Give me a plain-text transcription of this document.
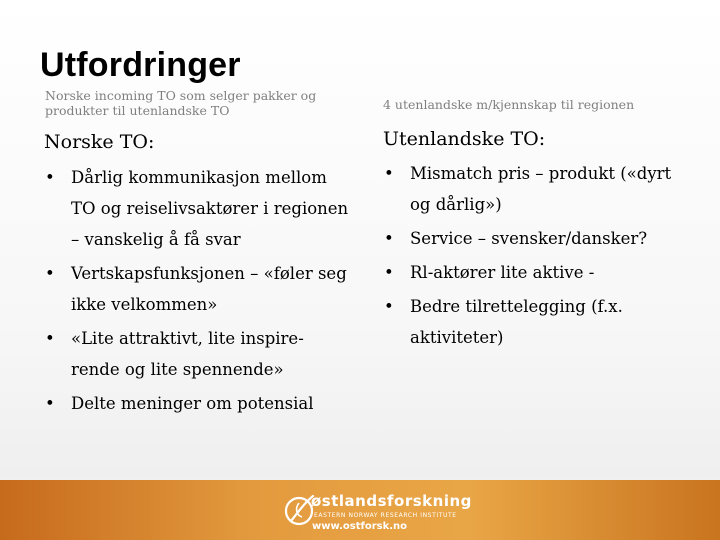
Utfordringer
Norske incoming TO som selger pakker og produkter til utenlandske TO	4 utenlandske m/kjennskap til regionen
Norske TO:	Utenlandske TO:
• Dårlig kommunikasjon mellom TO og reiselivsaktører i regionen – vanskelig å få svar
• Vertskapsfunksjonen – «føler seg ikke velkommen»
• «Lite attraktivt, lite inspire-rende og lite spennende»
• Delte meninger om potensial
• Mismatch pris – produkt («dyrt og dårlig»)
• Service – svensker/dansker?
• Rl-aktører lite aktive -
• Bedre tilrettelegging (f.x. aktiviteter)
østlandsforskning
EASTERN NORWAY RESEARCH INSTITUTE
www.ostforsk.no
